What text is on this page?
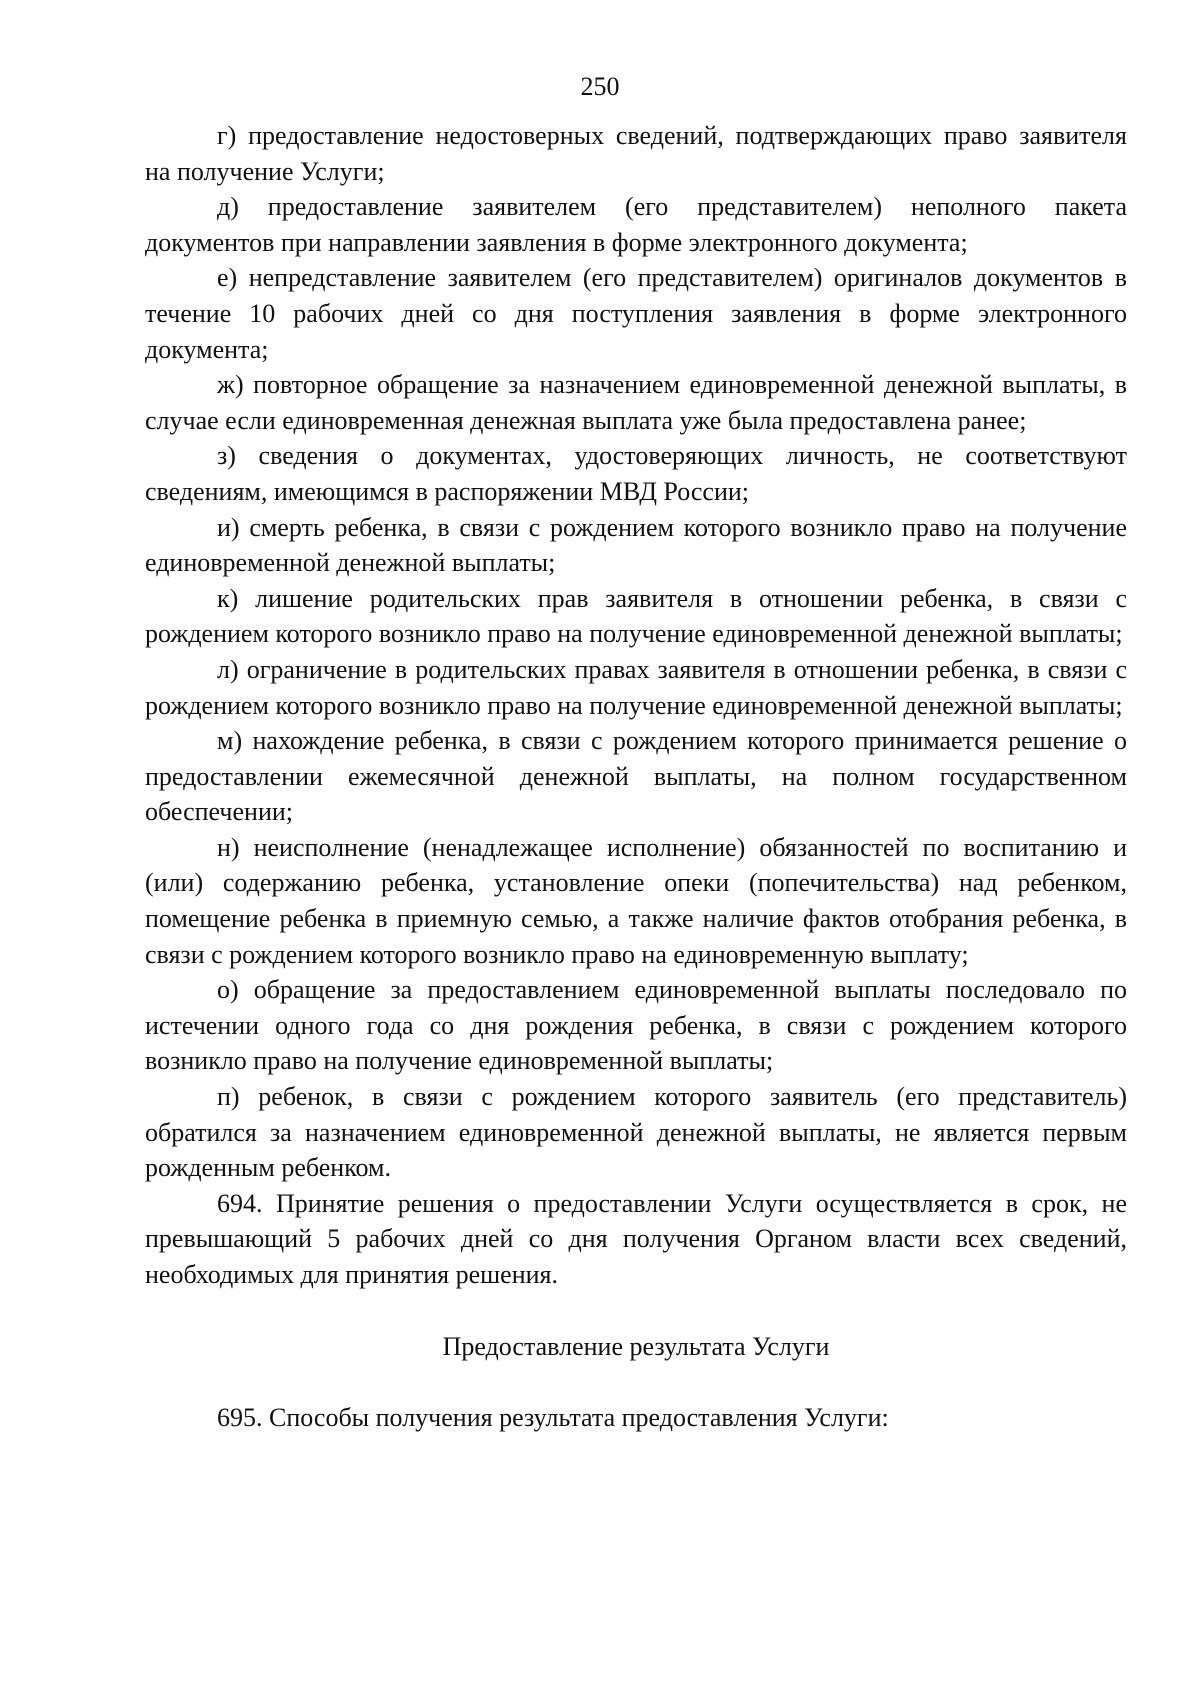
250

г) предоставление недостоверных сведений, подтверждающих право заявителя на получение Услуги;

д) предоставление заявителем (его представителем) неполного пакета документов при направлении заявления в форме электронного документа;

е) непредставление заявителем (его представителем) оригиналов документов в течение 10 рабочих дней со дня поступления заявления в форме электронного документа;

ж) повторное обращение за назначением единовременной денежной выплаты, в случае если единовременная денежная выплата уже была предоставлена ранее;

з) сведения о документах, удостоверяющих личность, не соответствуют сведениям, имеющимся в распоряжении МВД России;

и) смерть ребенка, в связи с рождением которого возникло право на получение единовременной денежной выплаты;

к) лишение родительских прав заявителя в отношении ребенка, в связи с рождением которого возникло право на получение единовременной денежной выплаты;

л) ограничение в родительских правах заявителя в отношении ребенка, в связи с рождением которого возникло право на получение единовременной денежной выплаты;

м) нахождение ребенка, в связи с рождением которого принимается решение о предоставлении ежемесячной денежной выплаты, на полном государственном обеспечении;

н) неисполнение (ненадлежащее исполнение) обязанностей по воспитанию и (или) содержанию ребенка, установление опеки (попечительства) над ребенком, помещение ребенка в приемную семью, а также наличие фактов отобрания ребенка, в связи с рождением которого возникло право на единовременную выплату;

о) обращение за предоставлением единовременной выплаты последовало по истечении одного года со дня рождения ребенка, в связи с рождением которого возникло право на получение единовременной выплаты;

п) ребенок, в связи с рождением которого заявитель (его представитель) обратился за назначением единовременной денежной выплаты, не является первым рожденным ребенком.

694. Принятие решения о предоставлении Услуги осуществляется в срок, не превышающий 5 рабочих дней со дня получения Органом власти всех сведений, необходимых для принятия решения.

Предоставление результата Услуги

695. Способы получения результата предоставления Услуги:
